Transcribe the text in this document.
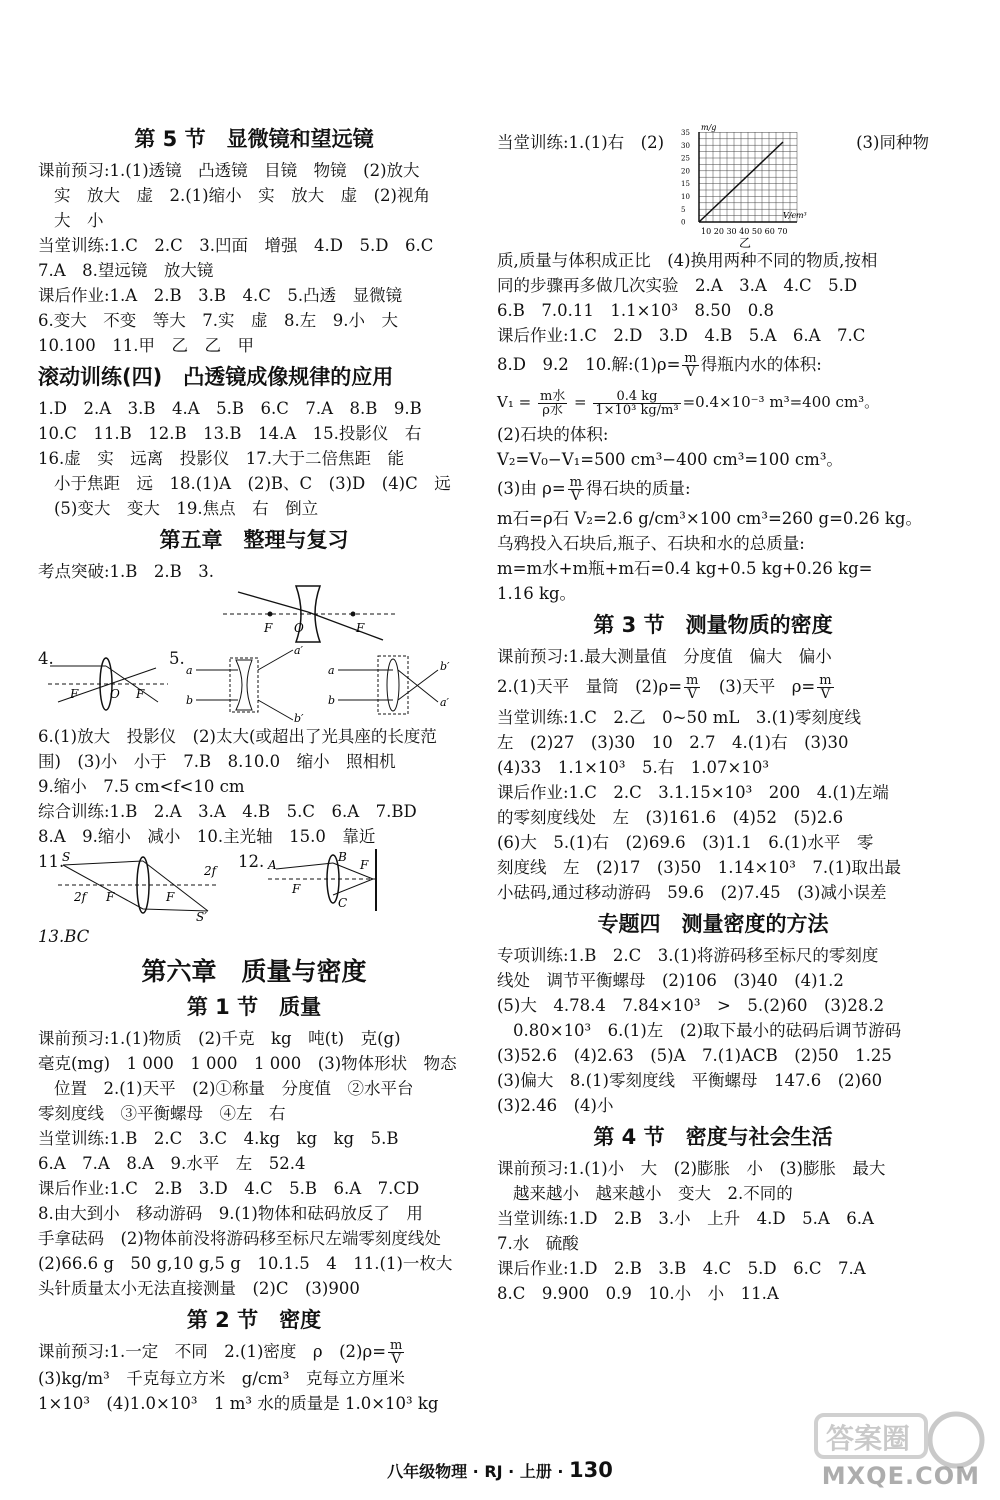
第 5 节　显微镜和望远镜
课前预习:1.(1)透镜　凸透镜　目镜　物镜　(2)放大
实　放大　虚　2.(1)缩小　实　放大　虚　(2)视角
大　小
当堂训练:1.C　2.C　3.凹面　增强　4.D　5.D　6.C
7.A　8.望远镜　放大镜
课后作业:1.A　2.B　3.B　4.C　5.凸透　显微镜
6.变大　不变　等大　7.实　虚　8.左　9.小　大
10.100　11.甲　乙　乙　甲
滚动训练(四)　凸透镜成像规律的应用
1.D　2.A　3.B　4.A　5.B　6.C　7.A　8.B　9.B
10.C　11.B　12.B　13.B　14.A　15.投影仪　右
16.虚　实　远离　投影仪　17.大于二倍焦距　能
小于焦距　远　18.(1)A　(2)B、C　(3)D　(4)C　远
(5)变大　变大　19.焦点　右　倒立
第五章　整理与复习
考点突破:1.B　2.B　3.
F O	F
4.	5.
F	O F
a
b
a′
b′
a
b
b′
a′
6.(1)放大　投影仪　(2)太大(或超出了光具座的长度范
围)　(3)小　小于　7.B　8.10.0　缩小　照相机
9.缩小　7.5 cm<f<10 cm
综合训练:1.B　2.A　3.A　4.B　5.C　6.A　7.BD
8.A　9.缩小　减小　10.主光轴　15.0　靠近
11.	12.
S
2f F	F
2f
S′
A
F
B
C
F
13.BC
第六章　质量与密度
第 1 节　质量
课前预习:1.(1)物质　(2)千克　kg　吨(t)　克(g)
毫克(mg)　1 000　1 000　1 000　(3)物体形状　物态
位置　2.(1)天平　(2)①称量　分度值　②水平台
零刻度线　③平衡螺母　④左　右
当堂训练:1.B　2.C　3.C　4.kg　kg　kg　5.B
6.A　7.A　8.A　9.水平　左　52.4
课后作业:1.C　2.B　3.D　4.C　5.B　6.A　7.CD
8.由大到小　移动游码　9.(1)物体和砝码放反了　用
手拿砝码　(2)物体前没将游码移至标尺左端零刻度线处
(2)66.6 g　50 g,10 g,5 g　10.1.5　4　11.(1)一枚大
头针质量太小无法直接测量　(2)C　(3)900
第 2 节　密度
课前预习:1.一定　不同　2.(1)密度　ρ　$(2)\rho= \frac{m}{V}$
(3)kg/m³　千克每立方米　g/cm³　克每立方厘米
1×10³　(4)1.0×10³　1 m³ 水的质量是 1.0×10³ kg
当堂训练:1.(1)右　(2)	(3)同种物
m/g
V/cm³
10 20 30 40 50 60 70
乙
35
30
25
20
15
10
5
0
质,质量与体积成正比　(4)换用两种不同的物质,按相
同的步骤再多做几次实验　2.A　3.A　4.C　5.D
6.B　7.0.11　1.1×10³　8.50　0.8
课后作业:1.C　2.D　3.D　4.B　5.A　6.A　7.C
8.D　9.2　10.解:(1)ρ= $\frac{m}{V}$ 得瓶内水的体积:
$V_1 = \frac{\text{m水}}{\text{ρ水}} = \frac{0.4 kg}{\text{1×10³ kg/m³}} =0.4\times 10^{-3}$ m³=400 cm³。
(2)石块的体积:
V₂=V₀−V₁=500 cm³−400 cm³=100 cm³。
(3)由 $\rho= \frac{m}{V}$ 得石块的质量:
m石=ρ石 V₂=2.6 g/cm³×100 cm³=260 g=0.26 kg。
乌鸦投入石块后,瓶子、石块和水的总质量:
m=m水+m瓶+m石=0.4 kg+0.5 kg+0.26 kg=
1.16 kg。
第 3 节　测量物质的密度
课前预习:1.最大测量值　分度值　偏大　偏小
2.(1)天平　量筒　$(2)\rho= \frac{m}{V}$
　 (3)天平　$\rho= \frac{m}{V}$
当堂训练:1.C　2.乙　0~50 mL　3.(1)零刻度线
左　(2)27　(3)30　10　2.7　4.(1)右　(3)30
(4)33　1.1×10³　5.右　1.07×10³
课后作业:1.C　2.C　3.1.15×10³　200　4.(1)左端
的零刻度线处　左　(3)161.6　(4)52　(5)2.6
(6)大　5.(1)右　(2)69.6　(3)1.1　6.(1)水平　零
刻度线　左　(2)17　(3)50　1.14×10³　7.(1)取出最
小砝码,通过移动游码　59.6　(2)7.45　(3)减小误差
专题四　测量密度的方法
专项训练:1.B　2.C　3.(1)将游码移至标尺的零刻度
线处　调节平衡螺母　(2)106　(3)40　(4)1.2
(5)大　4.78.4　7.84×10³　>　5.(2)60　(3)28.2
0.80×10³　6.(1)左　(2)取下最小的砝码后调节游码
(3)52.6　(4)2.63　(5)A　7.(1)ACB　(2)50　1.25
(3)偏大　8.(1)零刻度线　平衡螺母　147.6　(2)60
(3)2.46　(4)小
第 4 节　密度与社会生活
课前预习:1.(1)小　大　(2)膨胀　小　(3)膨胀　最大
越来越小　越来越小　变大　2.不同的
当堂训练:1.D　2.B　3.小　上升　4.D　5.A　6.A
7.水　硫酸
课后作业:1.D　2.B　3.B　4.C　5.D　6.C　7.A
8.C　9.900　0.9　10.小　小　11.A
八年级物理 · RJ · 上册 · 130
答案圈
MXQE.COM
